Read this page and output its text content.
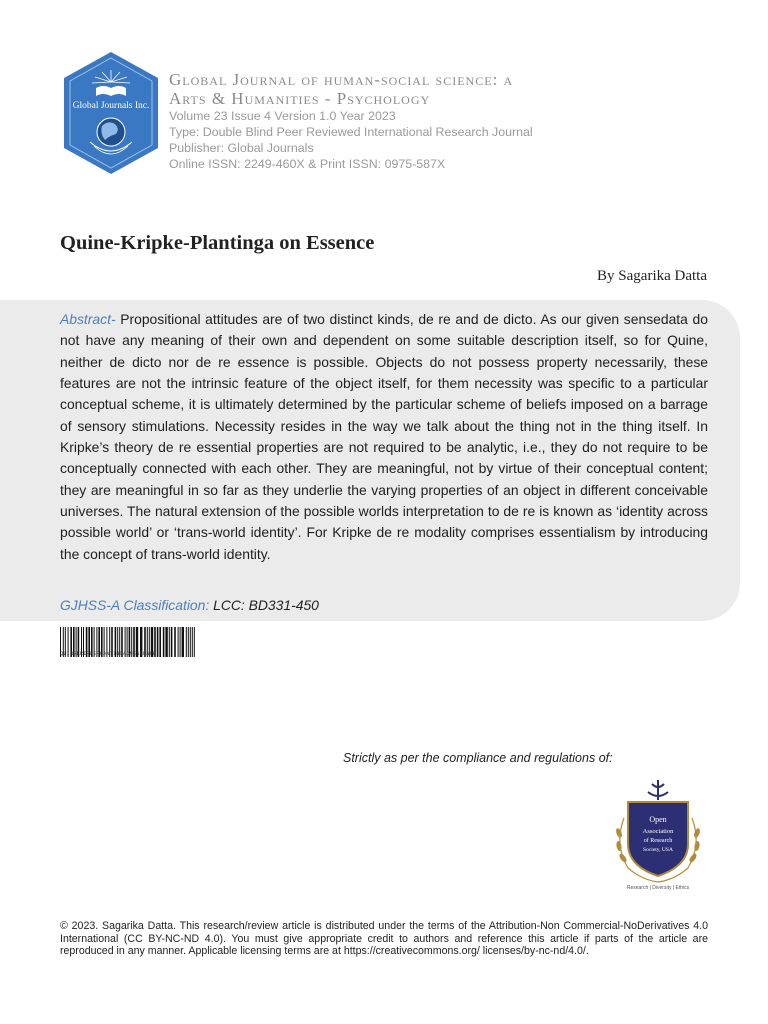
Global Journals Inc.

Global Journal of human-social science: a

Arts & Humanities - Psychology

Volume 23 Issue 4 Version 1.0 Year 2023

Type: Double Blind Peer Reviewed International Research Journal

Publisher: Global Journals

Online ISSN: 2249-460X & Print ISSN: 0975-587X

Quine-Kripke-Plantinga on Essence

By Sagarika Datta

Abstract- Propositional attitudes are of two distinct kinds, de re and de dicto. As our given sensedata do not have any meaning of their own and dependent on some suitable description itself, so for Quine, neither de dicto nor de re essence is possible. Objects do not possess property necessarily, these features are not the intrinsic feature of the object itself, for them necessity was specific to a particular conceptual scheme, it is ultimately determined by the particular scheme of beliefs imposed on a barrage of sensory stimulations. Necessity resides in the way we talk about the thing not in the thing itself. In Kripke’s theory de re essential properties are not required to be analytic, i.e., they do not require to be conceptually connected with each other. They are meaningful, not by virtue of their conceptual content; they are meaningful in so far as they underlie the varying properties of an object in different conceivable universes. The natural extension of the possible worlds interpretation to de re is known as ‘identity across possible world’ or ‘trans-world identity’. For Kripke de re modality comprises essentialism by introducing the concept of trans-world identity.

GJHSS-A Classification: LCC: BD331-450

QUINEKRIPKEPLANTINGAONESSENCE

Strictly as per the compliance and regulations of:

Open
Association
of Research
Society, USA

Research | Diversity | Ethics

© 2023. Sagarika Datta. This research/review article is distributed under the terms of the Attribution-Non Commercial-NoDerivatives 4.0 International (CC BY-NC-ND 4.0). You must give appropriate credit to authors and reference this article if parts of the article are reproduced in any manner. Applicable licensing terms are at https://creativecommons.org/ licenses/by-nc-nd/4.0/.
